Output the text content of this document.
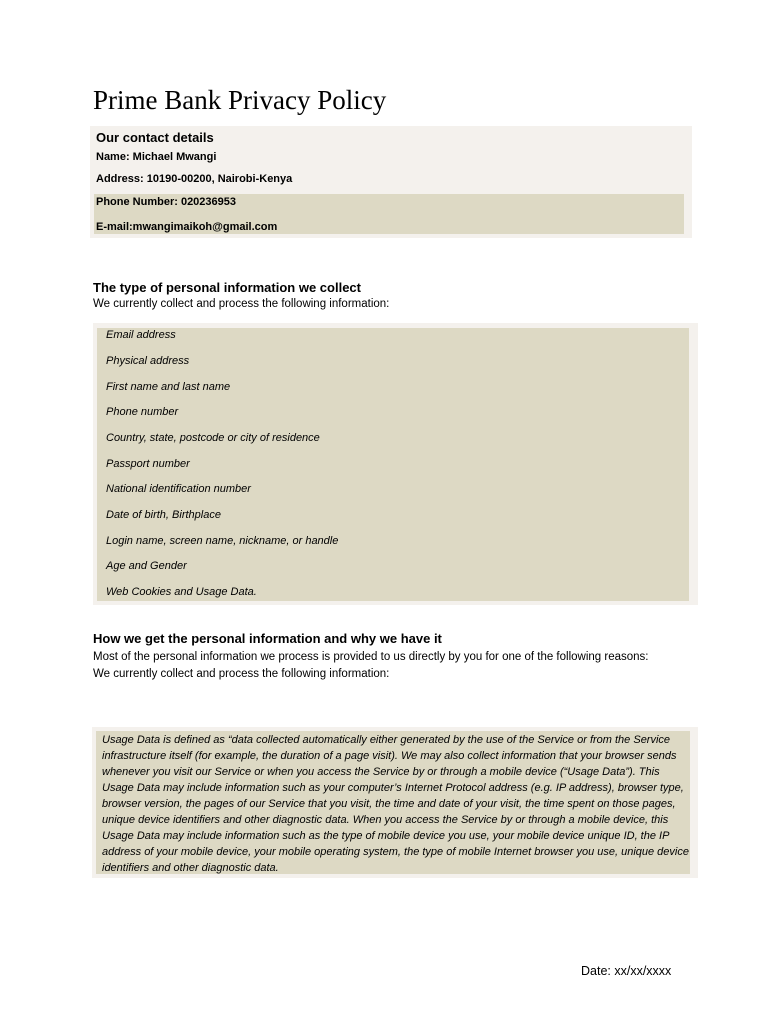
Prime Bank Privacy Policy
Our contact details
Name: Michael Mwangi
Address: 10190-00200, Nairobi-Kenya
Phone Number: 020236953
E-mail:mwangimaikoh@gmail.com
The type of personal information we collect
We currently collect and process the following information:
Email address
Physical address
First name and last name
Phone number
Country, state, postcode or city of residence
Passport number
National identification number
Date of birth, Birthplace
Login name, screen name, nickname, or handle
Age and Gender
Web Cookies and Usage Data.
How we get the personal information and why we have it
Most of the personal information we process is provided to us directly by you for one of the following reasons:
We currently collect and process the following information:

Usage Data is defined as “data collected automatically either generated by the use of the Service or from the Service infrastructure itself (for example, the duration of a page visit). We may also collect information that your browser sends whenever you visit our Service or when you access the Service by or through a mobile device (“Usage Data”). This Usage Data may include information such as your computer’s Internet Protocol address (e.g. IP address), browser type, browser version, the pages of our Service that you visit, the time and date of your visit, the time spent on those pages, unique device identifiers and other diagnostic data. When you access the Service by or through a mobile device, this Usage Data may include information such as the type of mobile device you use, your mobile device unique ID, the IP address of your mobile device, your mobile operating system, the type of mobile Internet browser you use, unique device identifiers and other diagnostic data.

Date: xx/xx/xxxx
